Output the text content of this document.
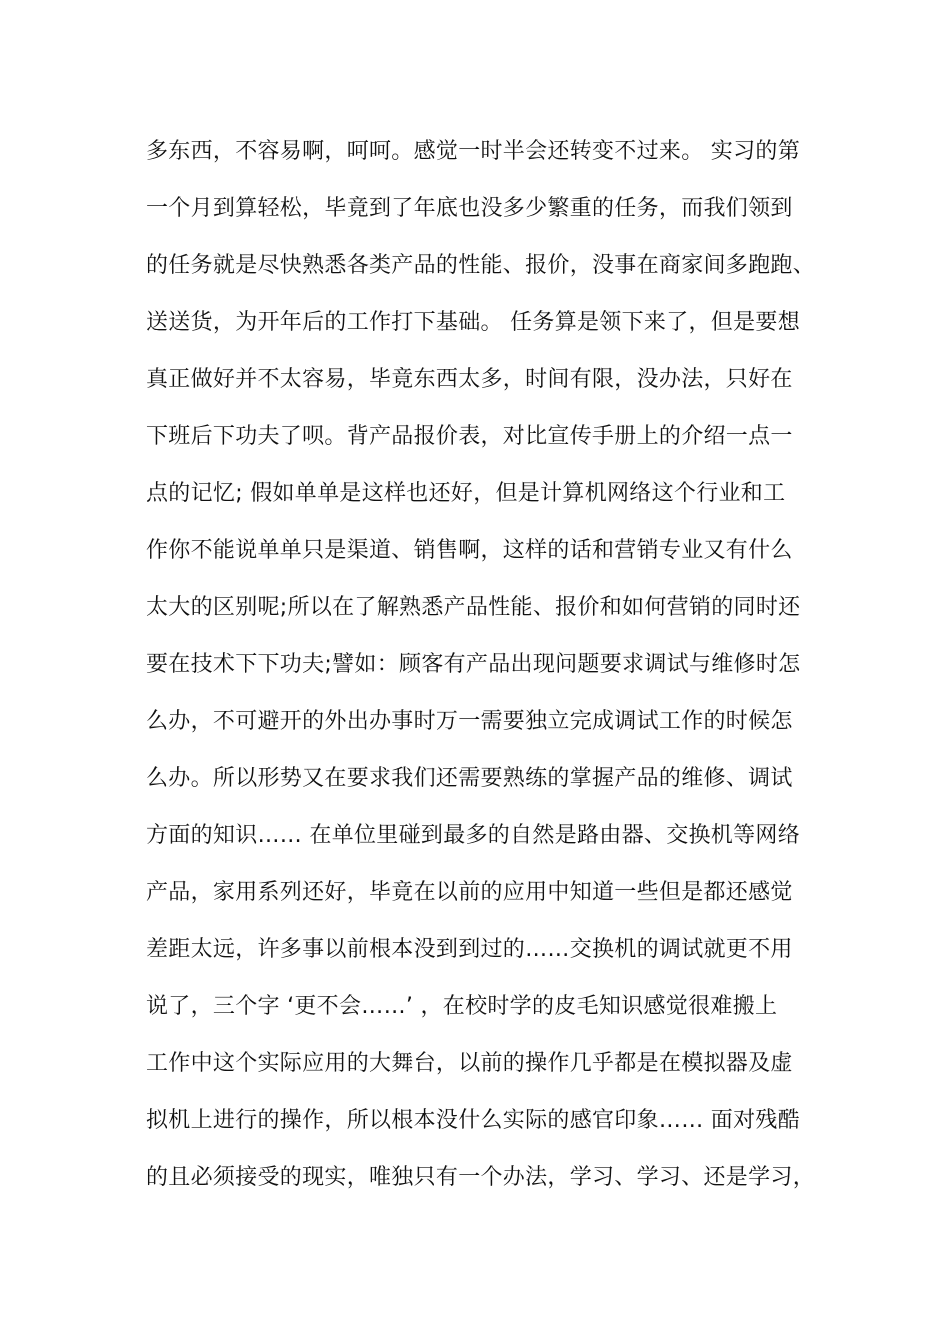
多东西，不容易啊，呵呵。感觉一时半会还转变不过来。 实习的第
一个月到算轻松，毕竟到了年底也没多少繁重的任务，而我们领到
的任务就是尽快熟悉各类产品的性能、报价，没事在商家间多跑跑、
送送货，为开年后的工作打下基础。 任务算是领下来了，但是要想
真正做好并不太容易，毕竟东西太多，时间有限，没办法，只好在
下班后下功夫了呗。背产品报价表，对比宣传手册上的介绍一点一
点的记忆; 假如单单是这样也还好，但是计算机网络这个行业和工
作你不能说单单只是渠道、销售啊，这样的话和营销专业又有什么
太大的区别呢;所以在了解熟悉产品性能、报价和如何营销的同时还
要在技术下下功夫;譬如：顾客有产品出现问题要求调试与维修时怎
么办，不可避开的外出办事时万一需要独立完成调试工作的时候怎
么办。所以形势又在要求我们还需要熟练的掌握产品的维修、调试
方面的知识…… 在单位里碰到最多的自然是路由器、交换机等网络
产品，家用系列还好，毕竟在以前的应用中知道一些但是都还感觉
差距太远，许多事以前根本没到到过的……交换机的调试就更不用
说了，三个字 ‘更不会……’ ，在校时学的皮毛知识感觉很难搬上
工作中这个实际应用的大舞台，以前的操作几乎都是在模拟器及虚
拟机上进行的操作，所以根本没什么实际的感官印象…… 面对残酷
的且必须接受的现实，唯独只有一个办法，学习、学习、还是学习，
